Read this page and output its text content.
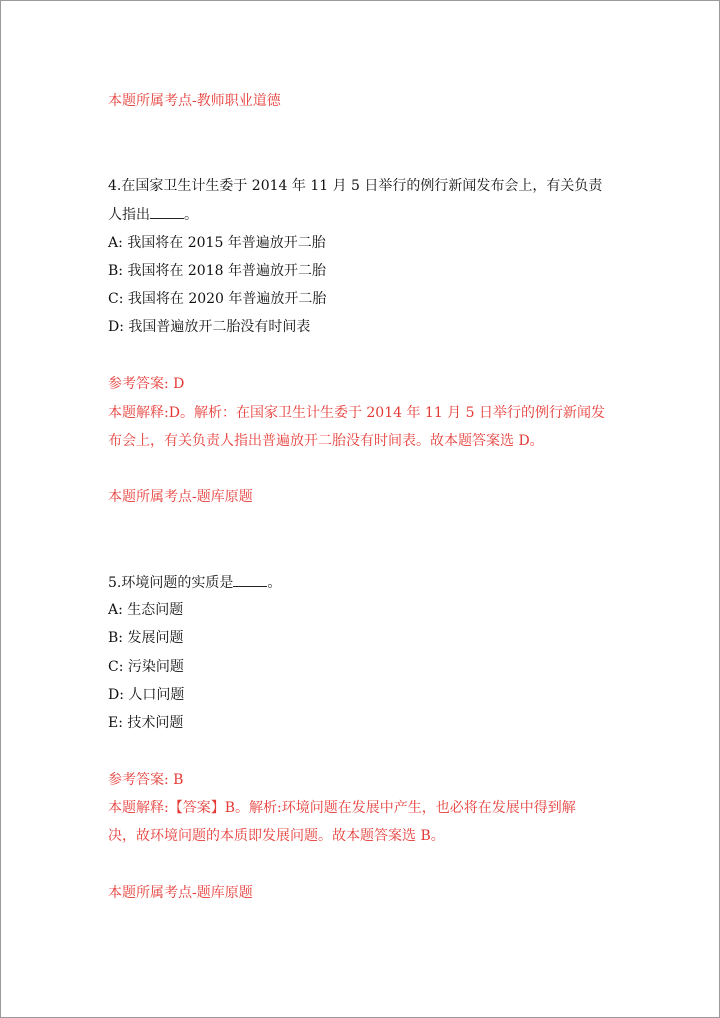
本题所属考点-教师职业道德
4.在国家卫生计生委于 2014 年 11 月 5 日举行的例行新闻发布会上，有关负责
人指出 。
A: 我国将在 2015 年普遍放开二胎
B: 我国将在 2018 年普遍放开二胎
C: 我国将在 2020 年普遍放开二胎
D: 我国普遍放开二胎没有时间表
参考答案: D
本题解释:D。解析：在国家卫生计生委于 2014 年 11 月 5 日举行的例行新闻发
布会上，有关负责人指出普遍放开二胎没有时间表。故本题答案选 D。
本题所属考点-题库原题
5.环境问题的实质是 。
A: 生态问题
B: 发展问题
C: 污染问题
D: 人口问题
E: 技术问题
参考答案: B
本题解释:【答案】B。解析:环境问题在发展中产生，也必将在发展中得到解
决，故环境问题的本质即发展问题。故本题答案选 B。
本题所属考点-题库原题
